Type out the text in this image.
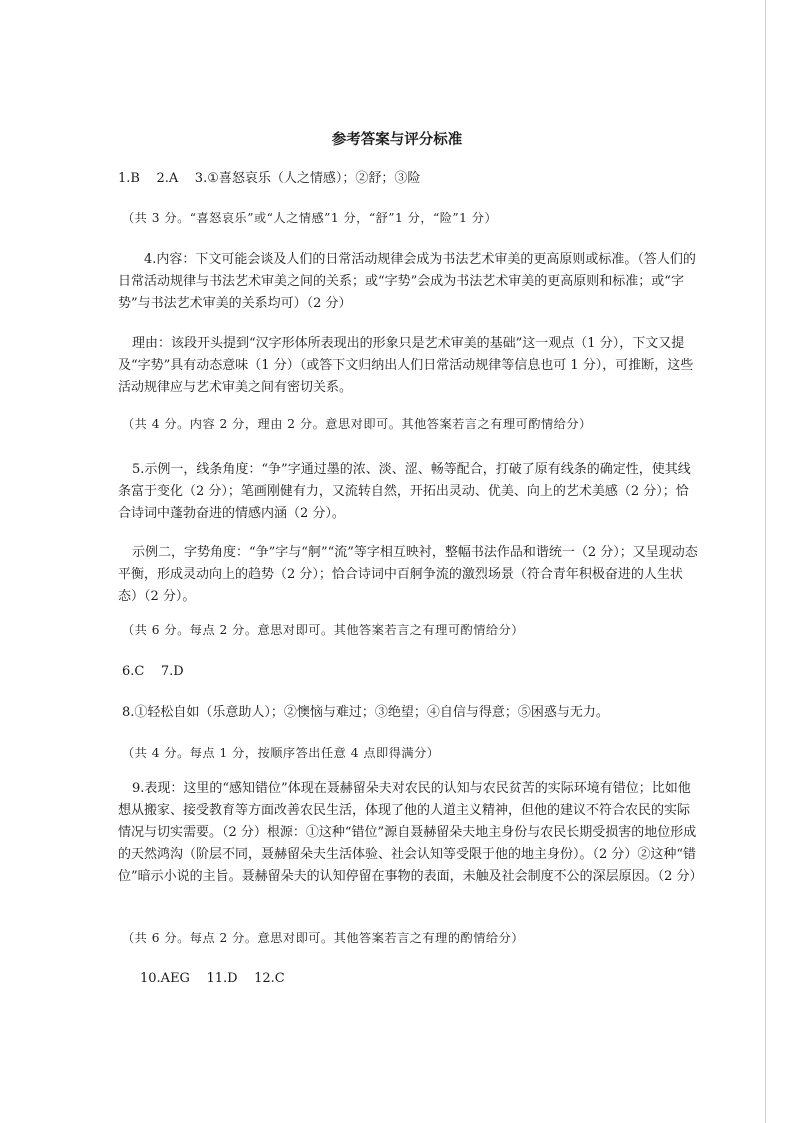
参考答案与评分标准
1.B    2.A    3.①喜怒哀乐（人之情感）；②舒；③险
（共 3 分。“喜怒哀乐”或“人之情感”1 分，“舒”1 分，“险”1 分）
4.内容：下文可能会谈及人们的日常活动规律会成为书法艺术审美的更高原则或标准。（答人们的日常活动规律与书法艺术审美之间的关系；或“字势”会成为书法艺术审美的更高原则和标准；或“字势”与书法艺术审美的关系均可）（2 分）
理由：该段开头提到“汉字形体所表现出的形象只是艺术审美的基础”这一观点（1 分），下文又提及“字势”具有动态意味（1 分）（或答下文归纳出人们日常活动规律等信息也可 1 分），可推断，这些活动规律应与艺术审美之间有密切关系。
（共 4 分。内容 2 分，理由 2 分。意思对即可。其他答案若言之有理可酌情给分）
5.示例一，线条角度：“争”字通过墨的浓、淡、涩、畅等配合，打破了原有线条的确定性，使其线条富于变化（2 分）；笔画刚健有力，又流转自然，开拓出灵动、优美、向上的艺术美感（2 分）；恰合诗词中蓬勃奋进的情感内涵（2 分）。
示例二，字势角度：“争”字与“舸”“流”等字相互映衬，整幅书法作品和谐统一（2 分）；又呈现动态平衡，形成灵动向上的趋势（2 分）；恰合诗词中百舸争流的激烈场景（符合青年积极奋进的人生状态）（2 分）。
（共 6 分。每点 2 分。意思对即可。其他答案若言之有理可酌情给分）
6.C    7.D
8.①轻松自如（乐意助人）；②懊恼与难过；③绝望；④自信与得意；⑤困惑与无力。
（共 4 分。每点 1 分，按顺序答出任意 4 点即得满分）
9.表现：这里的“感知错位”体现在聂赫留朵夫对农民的认知与农民贫苦的实际环境有错位；比如他想从搬家、接受教育等方面改善农民生活，体现了他的人道主义精神，但他的建议不符合农民的实际情况与切实需要。（2 分）根源：①这种“错位”源自聂赫留朵夫地主身份与农民长期受损害的地位形成的天然鸿沟（阶层不同，聂赫留朵夫生活体验、社会认知等受限于他的地主身份）。（2 分）②这种“错位”暗示小说的主旨。聂赫留朵夫的认知停留在事物的表面，未触及社会制度不公的深层原因。（2 分）
（共 6 分。每点 2 分。意思对即可。其他答案若言之有理的酌情给分）
10.AEG    11.D    12.C
